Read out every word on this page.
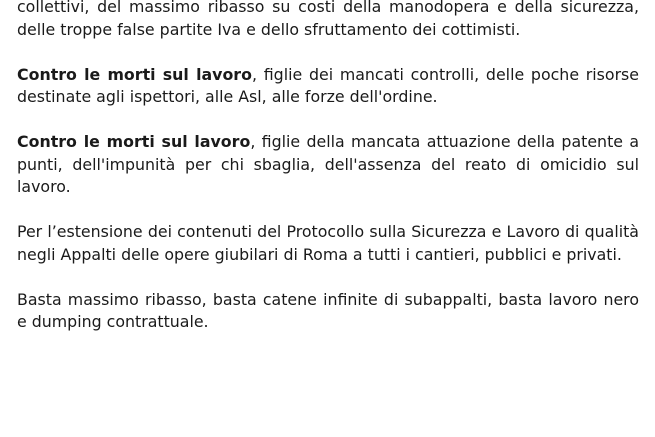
collettivi, del massimo ribasso su costi della manodopera e della sicurezza, delle troppe false partite Iva e dello sfruttamento dei cottimisti.

Contro le morti sul lavoro, figlie dei mancati controlli, delle poche risorse destinate agli ispettori, alle Asl, alle forze dell'ordine.

Contro le morti sul lavoro, figlie della mancata attuazione della patente a punti, dell'impunità per chi sbaglia, dell'assenza del reato di omicidio sul lavoro.

Per l’estensione dei contenuti del Protocollo sulla Sicurezza e Lavoro di qualità negli Appalti delle opere giubilari di Roma a tutti i cantieri, pubblici e privati.

Basta massimo ribasso, basta catene infinite di subappalti, basta lavoro nero e dumping contrattuale.
